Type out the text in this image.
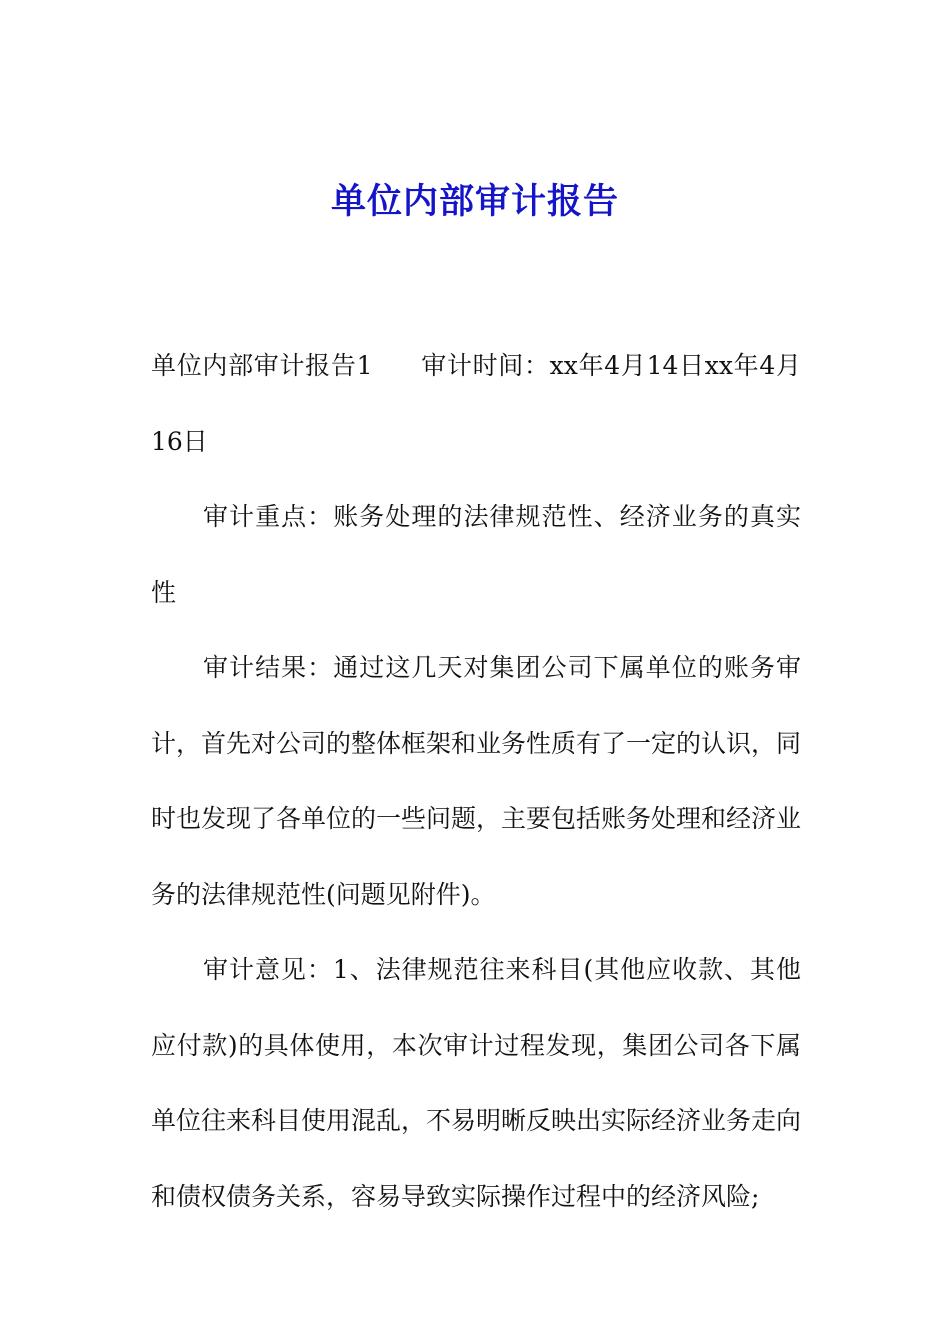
单位内部审计报告

单位内部审计报告1 审计时间：xx年4月14日xx年4月16日

审计重点：账务处理的法律规范性、经济业务的真实性

审计结果：通过这几天对集团公司下属单位的账务审计，首先对公司的整体框架和业务性质有了一定的认识，同时也发现了各单位的一些问题，主要包括账务处理和经济业务的法律规范性(问题见附件)。

审计意见：1、法律规范往来科目(其他应收款、其他应付款)的具体使用，本次审计过程发现，集团公司各下属单位往来科目使用混乱，不易明晰反映出实际经济业务走向和债权债务关系，容易导致实际操作过程中的经济风险;
